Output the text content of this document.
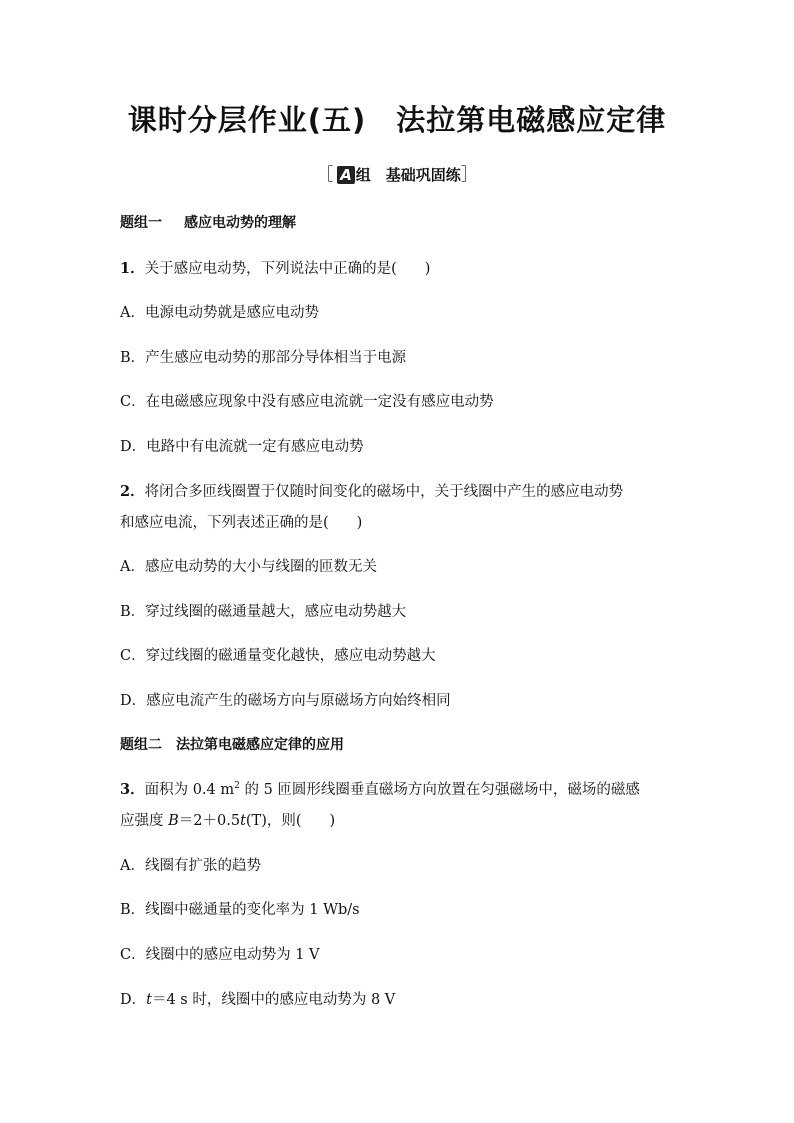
课时分层作业(五) 法拉第电磁感应定律
［ A 组　基础巩固练］
题组一 感应电动势的理解
1．关于感应电动势，下列说法中正确的是( )
A．电源电动势就是感应电动势
B．产生感应电动势的那部分导体相当于电源
C．在电磁感应现象中没有感应电流就一定没有感应电动势
D．电路中有电流就一定有感应电动势
2．将闭合多匝线圈置于仅随时间变化的磁场中，关于线圈中产生的感应电动势
和感应电流，下列表述正确的是( )
A．感应电动势的大小与线圈的匝数无关
B．穿过线圈的磁通量越大，感应电动势越大
C．穿过线圈的磁通量变化越快，感应电动势越大
D．感应电流产生的磁场方向与原磁场方向始终相同
题组二 法拉第电磁感应定律的应用
3．面积为 0.4 $m^2$ 的 5 匝圆形线圈垂直磁场方向放置在匀强磁场中，磁场的磁感
应强度 B＝2＋0.5t(T)，则( )
A．线圈有扩张的趋势
B．线圈中磁通量的变化率为 1 Wb/s
C．线圈中的感应电动势为 1 V
D．t＝4 s 时，线圈中的感应电动势为 8 V
